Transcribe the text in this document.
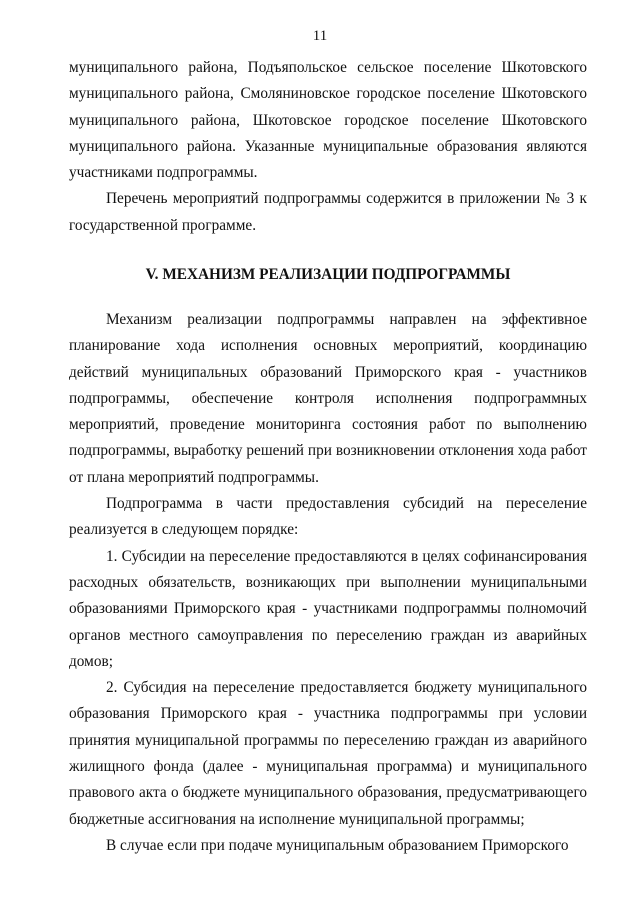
11

муниципального района, Подъяпольское сельское поселение Шкотовского муниципального района, Смоляниновское городское поселение Шкотовского муниципального района, Шкотовское городское поселение Шкотовского муниципального района. Указанные муниципальные образования являются участниками подпрограммы.

Перечень мероприятий подпрограммы содержится в приложении № 3 к государственной программе.

V. МЕХАНИЗМ РЕАЛИЗАЦИИ ПОДПРОГРАММЫ

Механизм реализации подпрограммы направлен на эффективное планирование хода исполнения основных мероприятий, координацию действий муниципальных образований Приморского края - участников подпрограммы, обеспечение контроля исполнения подпрограммных мероприятий, проведение мониторинга состояния работ по выполнению подпрограммы, выработку решений при возникновении отклонения хода работ от плана мероприятий подпрограммы.

Подпрограмма в части предоставления субсидий на переселение реализуется в следующем порядке:

1. Субсидии на переселение предоставляются в целях софинансирования расходных обязательств, возникающих при выполнении муниципальными образованиями Приморского края - участниками подпрограммы полномочий органов местного самоуправления по переселению граждан из аварийных домов;

2. Субсидия на переселение предоставляется бюджету муниципального образования Приморского края - участника подпрограммы при условии принятия муниципальной программы по переселению граждан из аварийного жилищного фонда (далее - муниципальная программа) и муниципального правового акта о бюджете муниципального образования, предусматривающего бюджетные ассигнования на исполнение муниципальной программы;

В случае если при подаче муниципальным образованием Приморского
